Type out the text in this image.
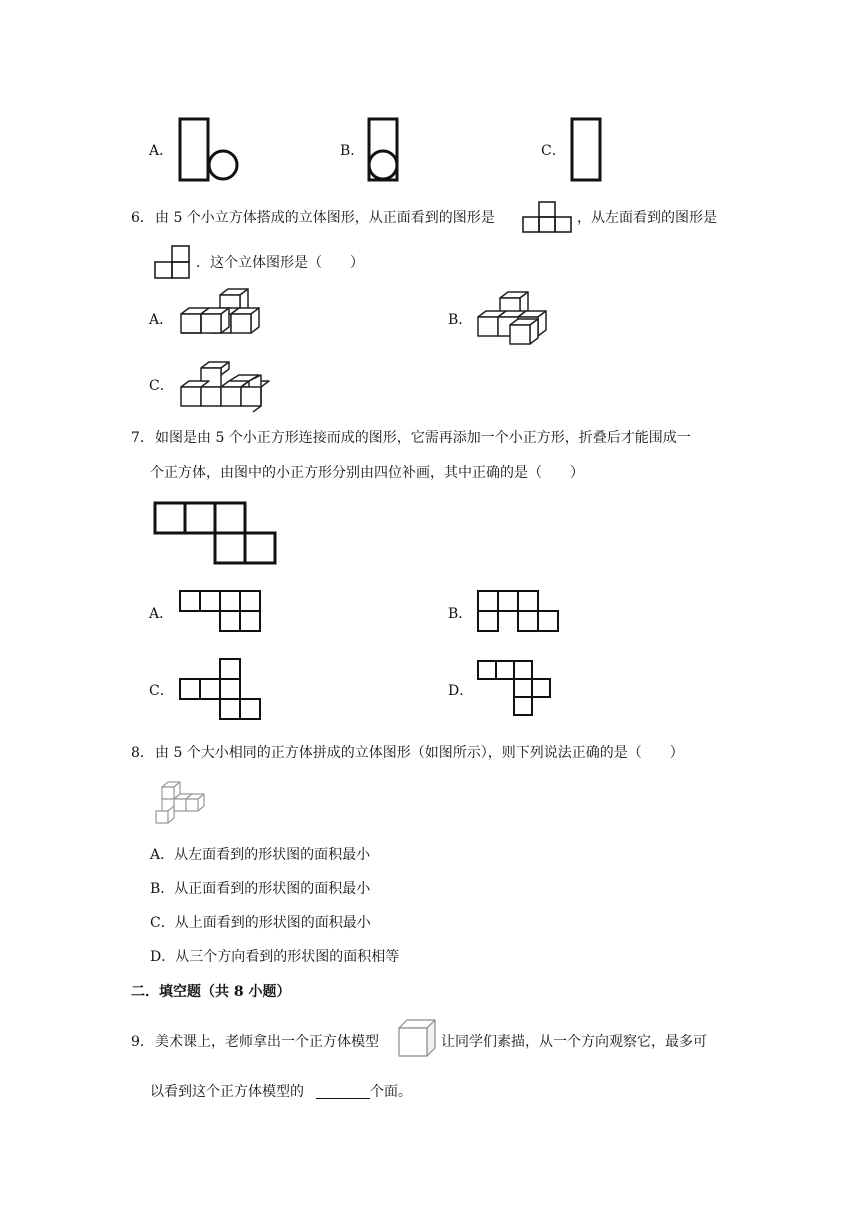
A．	B．	C．
6． 由 5 个小立方体搭成的立体图形，从正面看到的图形是	，从左面看到的图形是
．这个立体图形是（　　）
A．	B．
C．
7． 如图是由 5 个小正方形连接而成的图形，它需再添加一个小正方形，折叠后才能围成一
个正方体，由图中的小正方形分别由四位补画，其中正确的是（　　）
A．	B．
C．	D．
8． 由 5 个大小相同的正方体拼成的立体图形（如图所示），则下列说法正确的是（　　）
A．从左面看到的形状图的面积最小
B．从正面看到的形状图的面积最小
C．从上面看到的形状图的面积最小
D．从三个方向看到的形状图的面积相等
二．填空题（共 8 小题）
9． 美术课上，老师拿出一个正方体模型	让同学们素描，从一个方向观察它，最多可
以看到这个正方体模型的	个面。
